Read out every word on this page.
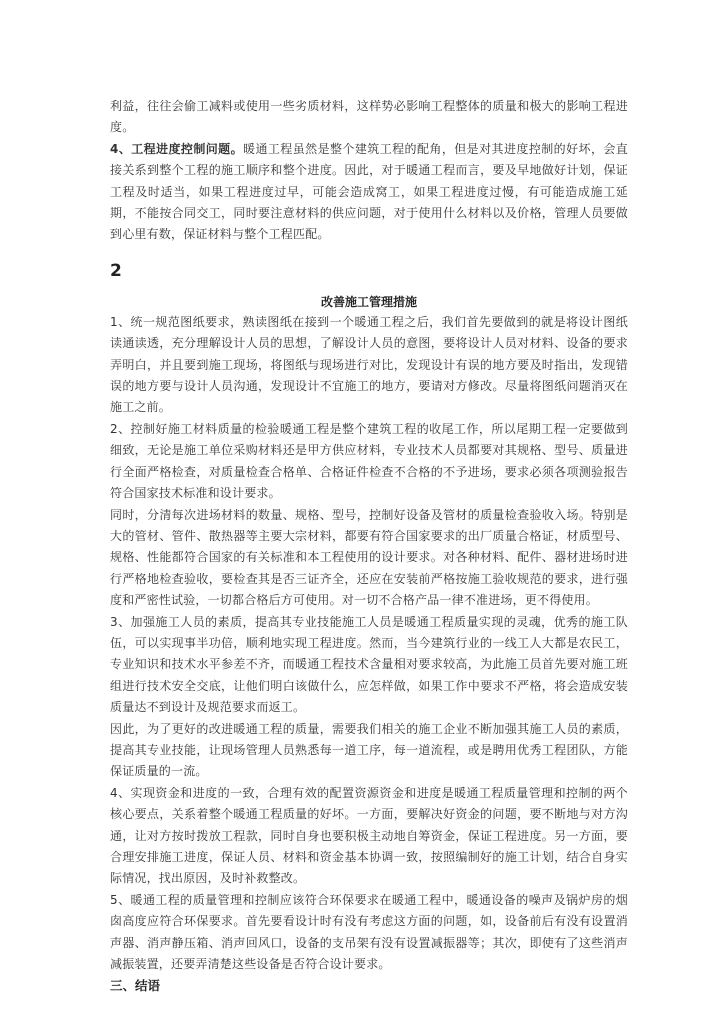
利益，往往会偷工减料或使用一些劣质材料，这样势必影响工程整体的质量和极大的影响工程进度。

4、工程进度控制问题。暖通工程虽然是整个建筑工程的配角，但是对其进度控制的好坏，会直接关系到整个工程的施工顺序和整个进度。因此，对于暖通工程而言，要及早地做好计划，保证工程及时适当，如果工程进度过早，可能会造成窝工，如果工程进度过慢，有可能造成施工延期，不能按合同交工，同时要注意材料的供应问题，对于使用什么材料以及价格，管理人员要做到心里有数，保证材料与整个工程匹配。

2
改善施工管理措施

1、统一规范图纸要求，熟读图纸在接到一个暖通工程之后，我们首先要做到的就是将设计图纸读通读透，充分理解设计人员的思想，了解设计人员的意图，要将设计人员对材料、设备的要求弄明白，并且要到施工现场，将图纸与现场进行对比，发现设计有误的地方要及时指出，发现错误的地方要与设计人员沟通，发现设计不宜施工的地方，要请对方修改。尽量将图纸问题消灭在施工之前。

2、控制好施工材料质量的检验暖通工程是整个建筑工程的收尾工作，所以尾期工程一定要做到细致，无论是施工单位采购材料还是甲方供应材料，专业技术人员都要对其规格、型号、质量进行全面严格检查，对质量检查合格单、合格证件检查不合格的不予进场，要求必须各项测验报告符合国家技术标准和设计要求。

同时，分清每次进场材料的数量、规格、型号，控制好设备及管材的质量检查验收入场。特别是大的管材、管件、散热器等主要大宗材料，都要有符合国家要求的出厂质量合格证，材质型号、规格、性能都符合国家的有关标准和本工程使用的设计要求。对各种材料、配件、器材进场时进行严格地检查验收，要检查其是否三证齐全，还应在安装前严格按施工验收规范的要求，进行强度和严密性试验，一切都合格后方可使用。对一切不合格产品一律不准进场，更不得使用。

3、加强施工人员的素质，提高其专业技能施工人员是暖通工程质量实现的灵魂，优秀的施工队伍，可以实现事半功倍，顺利地实现工程进度。然而，当今建筑行业的一线工人大都是农民工，专业知识和技术水平参差不齐，而暖通工程技术含量相对要求较高，为此施工员首先要对施工班组进行技术安全交底，让他们明白该做什么，应怎样做，如果工作中要求不严格，将会造成安装质量达不到设计及规范要求而返工。

因此，为了更好的改进暖通工程的质量，需要我们相关的施工企业不断加强其施工人员的素质，提高其专业技能，让现场管理人员熟悉每一道工序，每一道流程，或是聘用优秀工程团队，方能保证质量的一流。

4、实现资金和进度的一致，合理有效的配置资源资金和进度是暖通工程质量管理和控制的两个核心要点，关系着整个暖通工程质量的好坏。一方面，要解决好资金的问题，要不断地与对方沟通，让对方按时拨放工程款，同时自身也要积极主动地自筹资金，保证工程进度。另一方面，要合理安排施工进度，保证人员、材料和资金基本协调一致，按照编制好的施工计划，结合自身实际情况，找出原因，及时补救整改。

5、暖通工程的质量管理和控制应该符合环保要求在暖通工程中，暖通设备的噪声及锅炉房的烟囱高度应符合环保要求。首先要看设计时有没有考虑这方面的问题，如，设备前后有没有设置消声器、消声静压箱、消声回风口，设备的支吊架有没有设置减振器等；其次，即使有了这些消声减振装置，还要弄清楚这些设备是否符合设计要求。

三、结语
